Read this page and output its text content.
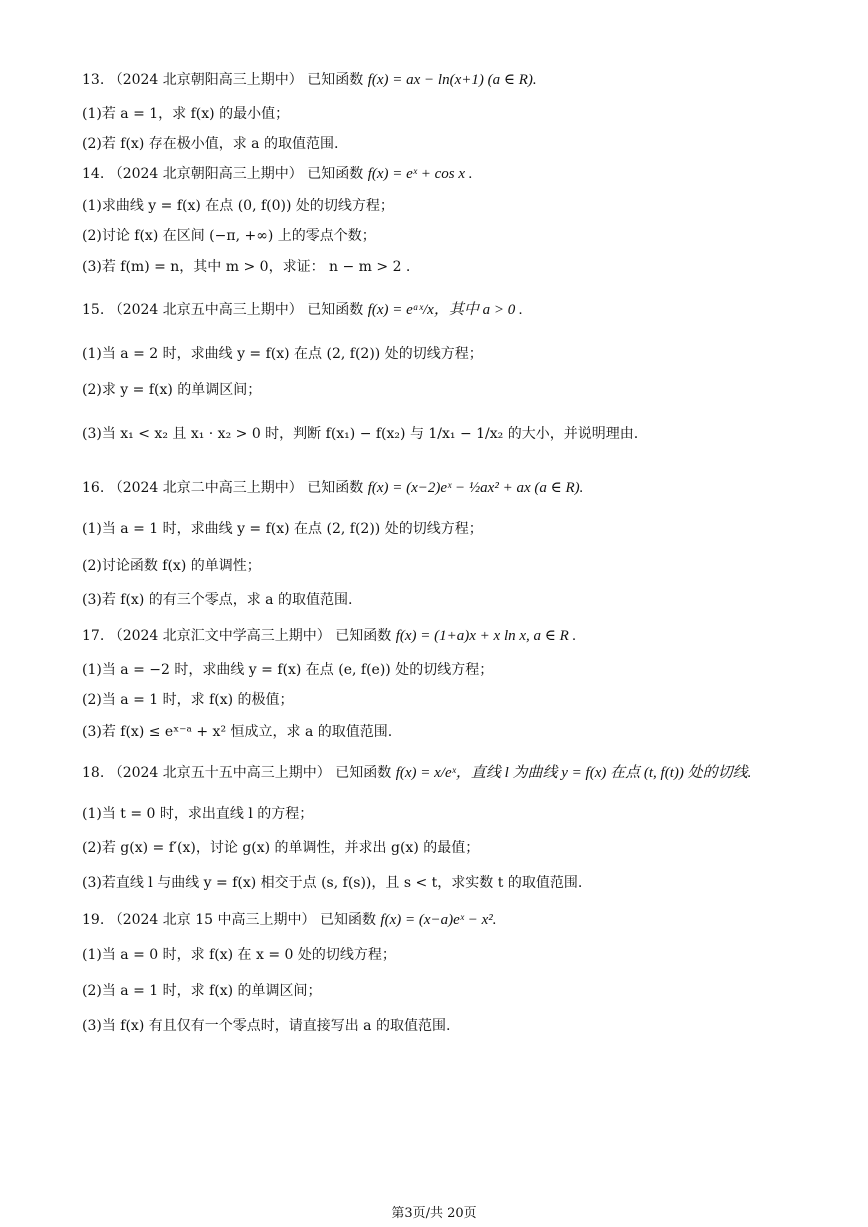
13. （2024 北京朝阳高三上期中） 已知函数 f(x) = ax − ln(x+1) (a ∈ R).
(1)若 a = 1，求 f(x) 的最小值；
(2)若 f(x) 存在极小值，求 a 的取值范围.
14. （2024 北京朝阳高三上期中） 已知函数 f(x) = eˣ + cos x .
(1)求曲线 y = f(x) 在点 (0, f(0)) 处的切线方程；
(2)讨论 f(x) 在区间 (−π, +∞) 上的零点个数；
(3)若 f(m) = n，其中 m > 0，求证： n − m > 2 .
15. （2024 北京五中高三上期中） 已知函数 f(x) = eᵃˣ/x，其中 a > 0 .
(1)当 a = 2 时，求曲线 y = f(x) 在点 (2, f(2)) 处的切线方程；
(2)求 y = f(x) 的单调区间；
(3)当 x₁ < x₂ 且 x₁ · x₂ > 0 时，判断 f(x₁) − f(x₂) 与 1/x₁ − 1/x₂ 的大小，并说明理由.
16. （2024 北京二中高三上期中） 已知函数 f(x) = (x−2)eˣ − ½ax² + ax (a ∈ R).
(1)当 a = 1 时，求曲线 y = f(x) 在点 (2, f(2)) 处的切线方程；
(2)讨论函数 f(x) 的单调性；
(3)若 f(x) 的有三个零点，求 a 的取值范围.
17. （2024 北京汇文中学高三上期中） 已知函数 f(x) = (1+a)x + x ln x, a ∈ R .
(1)当 a = −2 时，求曲线 y = f(x) 在点 (e, f(e)) 处的切线方程；
(2)当 a = 1 时，求 f(x) 的极值；
(3)若 f(x) ≤ eˣ⁻ᵃ + x² 恒成立，求 a 的取值范围.
18. （2024 北京五十五中高三上期中） 已知函数 f(x) = x/eˣ，直线 l 为曲线 y = f(x) 在点 (t, f(t)) 处的切线.
(1)当 t = 0 时，求出直线 l 的方程；
(2)若 g(x) = f′(x)，讨论 g(x) 的单调性，并求出 g(x) 的最值；
(3)若直线 l 与曲线 y = f(x) 相交于点 (s, f(s))，且 s < t，求实数 t 的取值范围.
19. （2024 北京 15 中高三上期中） 已知函数 f(x) = (x−a)eˣ − x².
(1)当 a = 0 时，求 f(x) 在 x = 0 处的切线方程；
(2)当 a = 1 时，求 f(x) 的单调区间；
(3)当 f(x) 有且仅有一个零点时，请直接写出 a 的取值范围.
第3页/共 20页
